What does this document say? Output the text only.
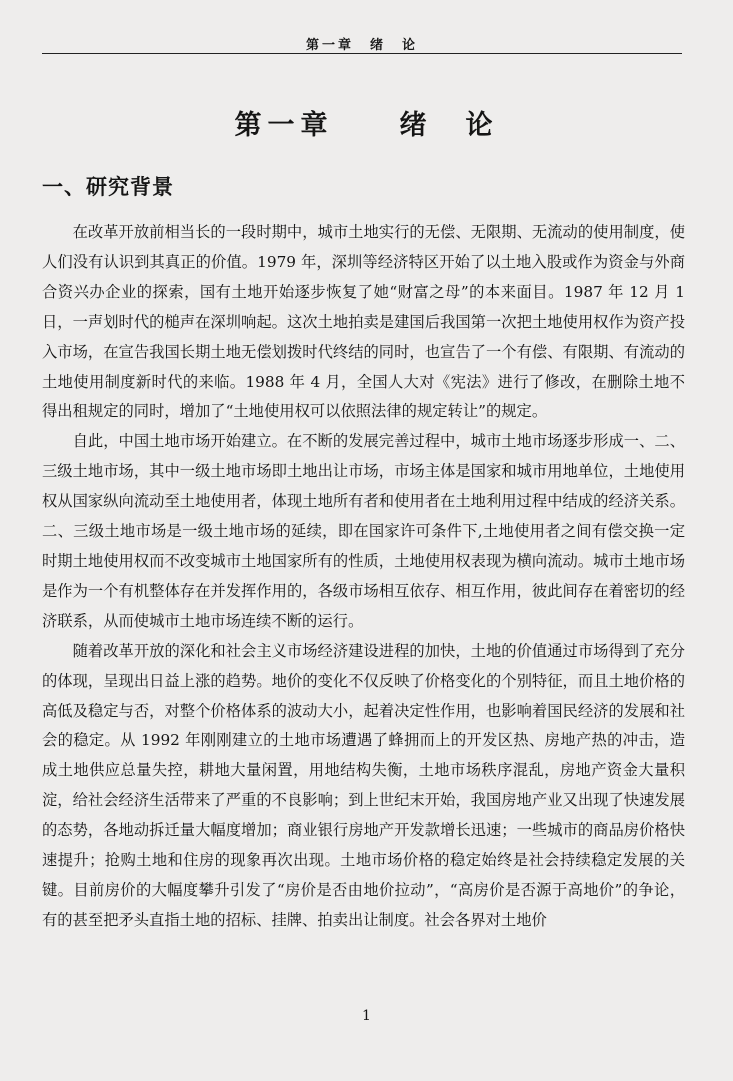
第一章　绪　论
第一章　　绪　论
一、研究背景

在改革开放前相当长的一段时期中，城市土地实行的无偿、无限期、无流动的使用制度，使人们没有认识到其真正的价值。1979 年，深圳等经济特区开始了以土地入股或作为资金与外商合资兴办企业的探索，国有土地开始逐步恢复了她“财富之母”的本来面目。1987 年 12 月 1 日，一声划时代的槌声在深圳响起。这次土地拍卖是建国后我国第一次把土地使用权作为资产投入市场，在宣告我国长期土地无偿划拨时代终结的同时，也宣告了一个有偿、有限期、有流动的土地使用制度新时代的来临。1988 年 4 月，全国人大对《宪法》进行了修改，在删除土地不得出租规定的同时，增加了“土地使用权可以依照法律的规定转让”的规定。

自此，中国土地市场开始建立。在不断的发展完善过程中，城市土地市场逐步形成一、二、三级土地市场，其中一级土地市场即土地出让市场，市场主体是国家和城市用地单位，土地使用权从国家纵向流动至土地使用者，体现土地所有者和使用者在土地利用过程中结成的经济关系。二、三级土地市场是一级土地市场的延续，即在国家许可条件下,土地使用者之间有偿交换一定时期土地使用权而不改变城市土地国家所有的性质，土地使用权表现为横向流动。城市土地市场是作为一个有机整体存在并发挥作用的，各级市场相互依存、相互作用，彼此间存在着密切的经济联系，从而使城市土地市场连续不断的运行。

随着改革开放的深化和社会主义市场经济建设进程的加快，土地的价值通过市场得到了充分的体现，呈现出日益上涨的趋势。地价的变化不仅反映了价格变化的个别特征，而且土地价格的高低及稳定与否，对整个价格体系的波动大小，起着决定性作用，也影响着国民经济的发展和社会的稳定。从 1992 年刚刚建立的土地市场遭遇了蜂拥而上的开发区热、房地产热的冲击，造成土地供应总量失控，耕地大量闲置，用地结构失衡，土地市场秩序混乱，房地产资金大量积淀，给社会经济生活带来了严重的不良影响；到上世纪末开始，我国房地产业又出现了快速发展的态势，各地动拆迁量大幅度增加；商业银行房地产开发款增长迅速；一些城市的商品房价格快速提升；抢购土地和住房的现象再次出现。土地市场价格的稳定始终是社会持续稳定发展的关键。目前房价的大幅度攀升引发了“房价是否由地价拉动”，“高房价是否源于高地价”的争论，有的甚至把矛头直指土地的招标、挂牌、拍卖出让制度。社会各界对土地价

1
